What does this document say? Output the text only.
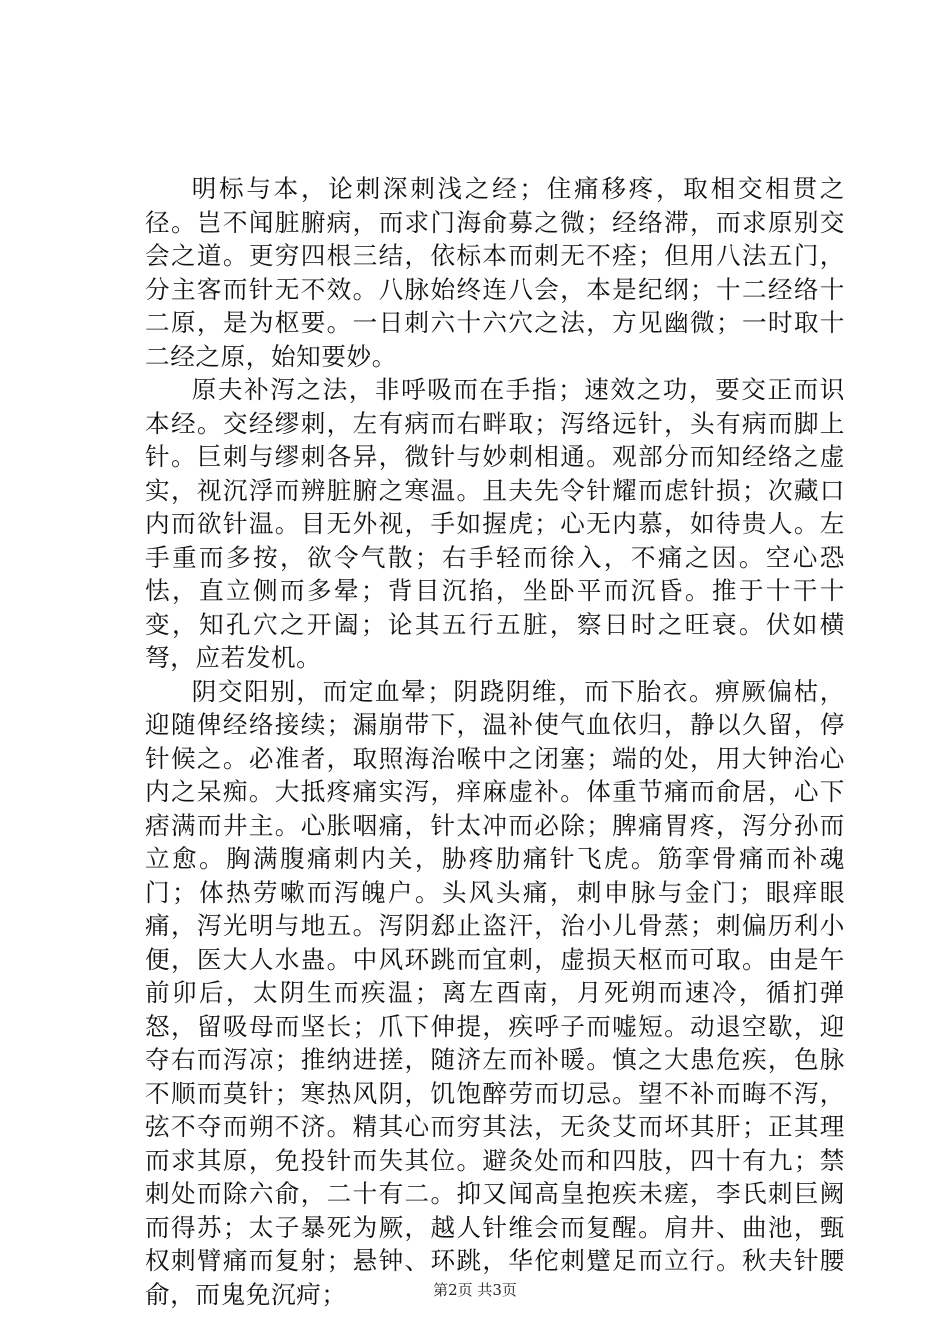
明标与本，论刺深刺浅之经；住痛移疼，取相交相贯之径。岂不闻脏腑病，而求门海俞募之微；经络滞，而求原别交会之道。更穷四根三结，依标本而刺无不痊；但用八法五门，分主客而针无不效。八脉始终连八会，本是纪纲；十二经络十二原，是为枢要。一日刺六十六穴之法，方见幽微；一时取十二经之原，始知要妙。

原夫补泻之法，非呼吸而在手指；速效之功，要交正而识本经。交经缪刺，左有病而右畔取；泻络远针，头有病而脚上针。巨刺与缪刺各异，微针与妙刺相通。观部分而知经络之虚实，视沉浮而辨脏腑之寒温。且夫先令针耀而虑针损；次藏口内而欲针温。目无外视，手如握虎；心无内慕，如待贵人。左手重而多按，欲令气散；右手轻而徐入，不痛之因。空心恐怯，直立侧而多晕；背目沉掐，坐卧平而沉昏。推于十干十变，知孔穴之开阖；论其五行五脏，察日时之旺衰。伏如横弩，应若发机。

阴交阳别，而定血晕；阴跷阴维，而下胎衣。痹厥偏枯，迎随俾经络接续；漏崩带下，温补使气血依归，静以久留，停针候之。必准者，取照海治喉中之闭塞；端的处，用大钟治心内之呆痴。大抵疼痛实泻，痒麻虚补。体重节痛而俞居，心下痞满而井主。心胀咽痛，针太冲而必除；脾痛胃疼，泻分孙而立愈。胸满腹痛刺内关，胁疼肋痛针飞虎。筋挛骨痛而补魂门；体热劳嗽而泻魄户。头风头痛，刺申脉与金门；眼痒眼痛，泻光明与地五。泻阴郄止盗汗，治小儿骨蒸；刺偏历利小便，医大人水蛊。中风环跳而宜刺，虚损天枢而可取。由是午前卯后，太阴生而疾温；离左酉南，月死朔而速冷，循扪弹怒，留吸母而坚长；爪下伸提，疾呼子而嘘短。动退空歇，迎夺右而泻凉；推纳进搓，随济左而补暖。慎之大患危疾，色脉不顺而莫针；寒热风阴，饥饱醉劳而切忌。望不补而晦不泻，弦不夺而朔不济。精其心而穷其法，无灸艾而坏其肝；正其理而求其原，免投针而失其位。避灸处而和四肢，四十有九；禁刺处而除六俞，二十有二。抑又闻高皇抱疾未瘥，李氏刺巨阙而得苏；太子暴死为厥，越人针维会而复醒。肩井、曲池，甄权刺臂痛而复射；悬钟、环跳，华佗刺躄足而立行。秋夫针腰俞，而鬼免沉疴；	第2页 共3页
